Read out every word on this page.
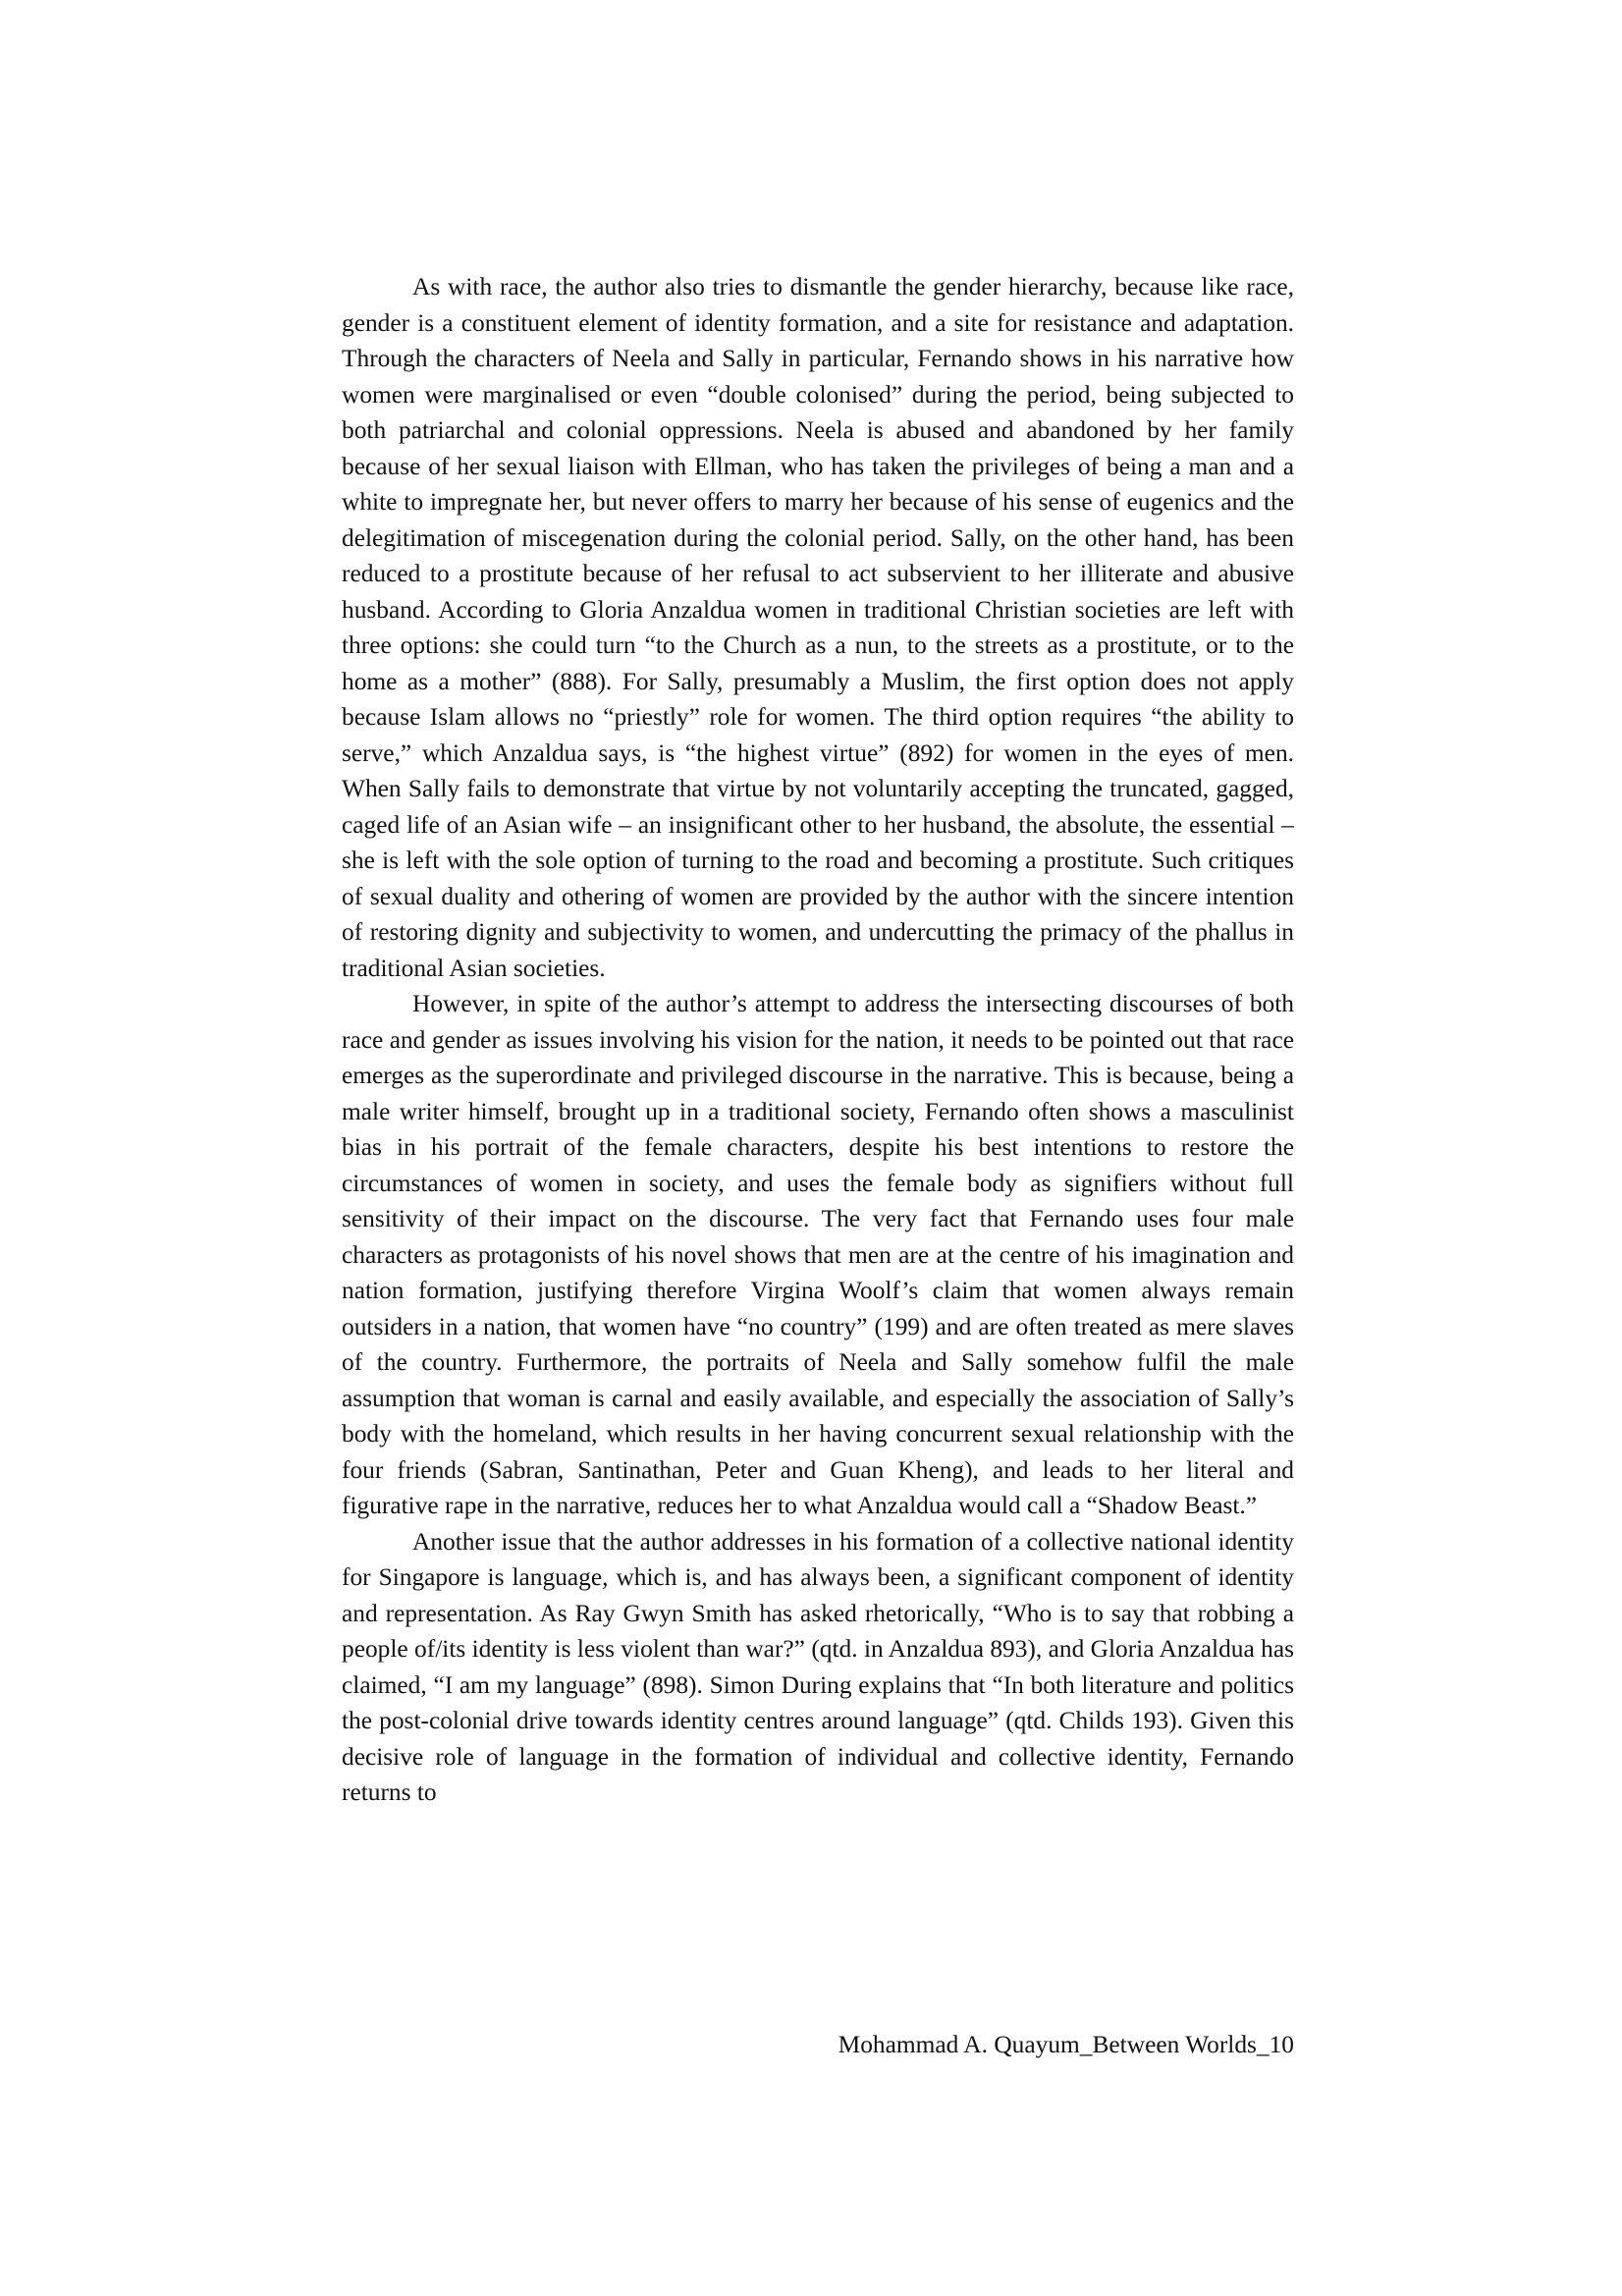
As with race, the author also tries to dismantle the gender hierarchy, because like race, gender is a constituent element of identity formation, and a site for resistance and adaptation. Through the characters of Neela and Sally in particular, Fernando shows in his narrative how women were marginalised or even “double colonised” during the period, being subjected to both patriarchal and colonial oppressions. Neela is abused and abandoned by her family because of her sexual liaison with Ellman, who has taken the privileges of being a man and a white to impregnate her, but never offers to marry her because of his sense of eugenics and the delegitimation of miscegenation during the colonial period. Sally, on the other hand, has been reduced to a prostitute because of her refusal to act subservient to her illiterate and abusive husband. According to Gloria Anzaldua women in traditional Christian societies are left with three options: she could turn “to the Church as a nun, to the streets as a prostitute, or to the home as a mother” (888). For Sally, presumably a Muslim, the first option does not apply because Islam allows no “priestly” role for women. The third option requires “the ability to serve,” which Anzaldua says, is “the highest virtue” (892) for women in the eyes of men. When Sally fails to demonstrate that virtue by not voluntarily accepting the truncated, gagged, caged life of an Asian wife – an insignificant other to her husband, the absolute, the essential – she is left with the sole option of turning to the road and becoming a prostitute. Such critiques of sexual duality and othering of women are provided by the author with the sincere intention of restoring dignity and subjectivity to women, and undercutting the primacy of the phallus in traditional Asian societies.

However, in spite of the author’s attempt to address the intersecting discourses of both race and gender as issues involving his vision for the nation, it needs to be pointed out that race emerges as the superordinate and privileged discourse in the narrative. This is because, being a male writer himself, brought up in a traditional society, Fernando often shows a masculinist bias in his portrait of the female characters, despite his best intentions to restore the circumstances of women in society, and uses the female body as signifiers without full sensitivity of their impact on the discourse. The very fact that Fernando uses four male characters as protagonists of his novel shows that men are at the centre of his imagination and nation formation, justifying therefore Virgina Woolf’s claim that women always remain outsiders in a nation, that women have “no country” (199) and are often treated as mere slaves of the country. Furthermore, the portraits of Neela and Sally somehow fulfil the male assumption that woman is carnal and easily available, and especially the association of Sally’s body with the homeland, which results in her having concurrent sexual relationship with the four friends (Sabran, Santinathan, Peter and Guan Kheng), and leads to her literal and figurative rape in the narrative, reduces her to what Anzaldua would call a “Shadow Beast.”

Another issue that the author addresses in his formation of a collective national identity for Singapore is language, which is, and has always been, a significant component of identity and representation. As Ray Gwyn Smith has asked rhetorically, “Who is to say that robbing a people of/its identity is less violent than war?” (qtd. in Anzaldua 893), and Gloria Anzaldua has claimed, “I am my language” (898). Simon During explains that “In both literature and politics the post-colonial drive towards identity centres around language” (qtd. Childs 193). Given this decisive role of language in the formation of individual and collective identity, Fernando returns to

Mohammad A. Quayum_Between Worlds_10
